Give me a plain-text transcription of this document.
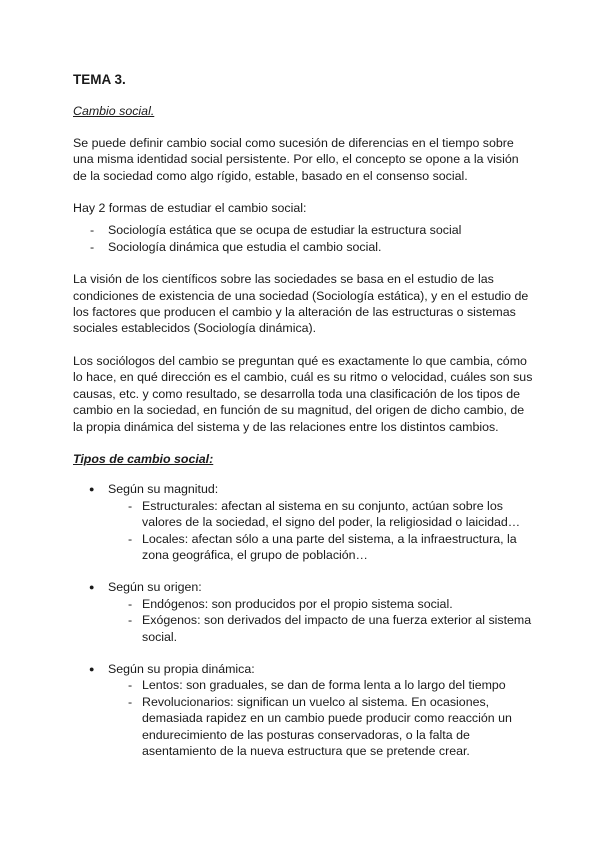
TEMA 3.
Cambio social.

Se puede definir cambio social como sucesión de diferencias en el tiempo sobre una misma identidad social persistente. Por ello, el concepto se opone a la visión de la sociedad como algo rígido, estable, basado en el consenso social.

Hay 2 formas de estudiar el cambio social:

- Sociología estática que se ocupa de estudiar la estructura social
- Sociología dinámica que estudia el cambio social.

La visión de los científicos sobre las sociedades se basa en el estudio de las condiciones de existencia de una sociedad (Sociología estática), y en el estudio de los factores que producen el cambio y la alteración de las estructuras o sistemas sociales establecidos (Sociología dinámica).

Los sociólogos del cambio se preguntan qué es exactamente lo que cambia, cómo lo hace, en qué dirección es el cambio, cuál es su ritmo o velocidad, cuáles son sus causas, etc. y como resultado, se desarrolla toda una clasificación de los tipos de cambio en la sociedad, en función de su magnitud, del origen de dicho cambio, de la propia dinámica del sistema y de las relaciones entre los distintos cambios.

Tipos de cambio social:
● Según su magnitud:
- Estructurales: afectan al sistema en su conjunto, actúan sobre los valores de la sociedad, el signo del poder, la religiosidad o laicidad…
- Locales: afectan sólo a una parte del sistema, a la infraestructura, la zona geográfica, el grupo de población…
● Según su origen:
- Endógenos: son producidos por el propio sistema social.
- Exógenos: son derivados del impacto de una fuerza exterior al sistema social.
● Según su propia dinámica:
- Lentos: son graduales, se dan de forma lenta a lo largo del tiempo
- Revolucionarios: significan un vuelco al sistema. En ocasiones, demasiada rapidez en un cambio puede producir como reacción un endurecimiento de las posturas conservadoras, o la falta de asentamiento de la nueva estructura que se pretende crear.
